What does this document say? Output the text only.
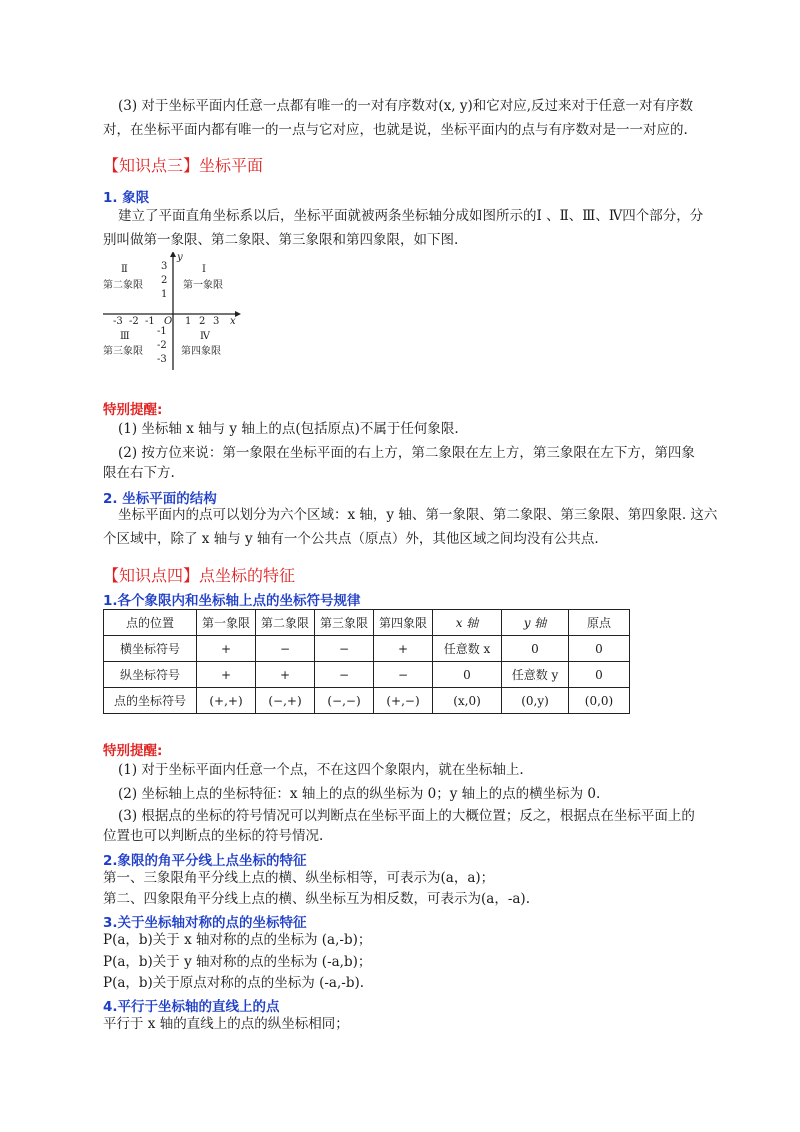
(3) 对于坐标平面内任意一点都有唯一的一对有序数对(x, y)和它对应,反过来对于任意一对有序数
对，在坐标平面内都有唯一的一点与它对应，也就是说，坐标平面内的点与有序数对是一一对应的.
【知识点三】坐标平面
1. 象限
建立了平面直角坐标系以后，坐标平面就被两条坐标轴分成如图所示的Ⅰ 、Ⅱ、Ⅲ、Ⅳ四个部分，分
别叫做第一象限、第二象限、第三象限和第四象限，如下图.
y
x
O
3
2
1
-1
-2
-3
-3 -2 -1	1 2 3
Ⅱ
第二象限
Ⅰ
第一象限
Ⅲ
第三象限
Ⅳ
第四象限
特别提醒:
(1) 坐标轴 x 轴与 y 轴上的点(包括原点)不属于任何象限.
(2) 按方位来说：第一象限在坐标平面的右上方，第二象限在左上方，第三象限在左下方，第四象
限在右下方.
2. 坐标平面的结构
坐标平面内的点可以划分为六个区域：x 轴，y 轴、第一象限、第二象限、第三象限、第四象限. 这六
个区域中，除了 x 轴与 y 轴有一个公共点（原点）外，其他区域之间均没有公共点.
【知识点四】点坐标的特征
1.各个象限内和坐标轴上点的坐标符号规律
点的位置	第一象限	第二象限	第三象限	第四象限	x 轴	y 轴	原点
横坐标符号	+	−	−	+	任意数 x	0	0
纵坐标符号	+	+	−	−	0	任意数 y	0
点的坐标符号	(+,+)	(−,+)	(−,−)	(+,−)	(x,0)	(0,y)	(0,0)
特别提醒:
(1) 对于坐标平面内任意一个点，不在这四个象限内，就在坐标轴上.
(2) 坐标轴上点的坐标特征：x 轴上的点的纵坐标为 0；y 轴上的点的横坐标为 0.
(3) 根据点的坐标的符号情况可以判断点在坐标平面上的大概位置；反之，根据点在坐标平面上的
位置也可以判断点的坐标的符号情况.
2.象限的角平分线上点坐标的特征
第一、三象限角平分线上点的横、纵坐标相等，可表示为(a，a)；
第二、四象限角平分线上点的横、纵坐标互为相反数，可表示为(a，-a).
3.关于坐标轴对称的点的坐标特征
P(a，b)关于 x 轴对称的点的坐标为 (a,-b)；
P(a，b)关于 y 轴对称的点的坐标为 (-a,b)；
P(a，b)关于原点对称的点的坐标为 (-a,-b).
4.平行于坐标轴的直线上的点
平行于 x 轴的直线上的点的纵坐标相同；
